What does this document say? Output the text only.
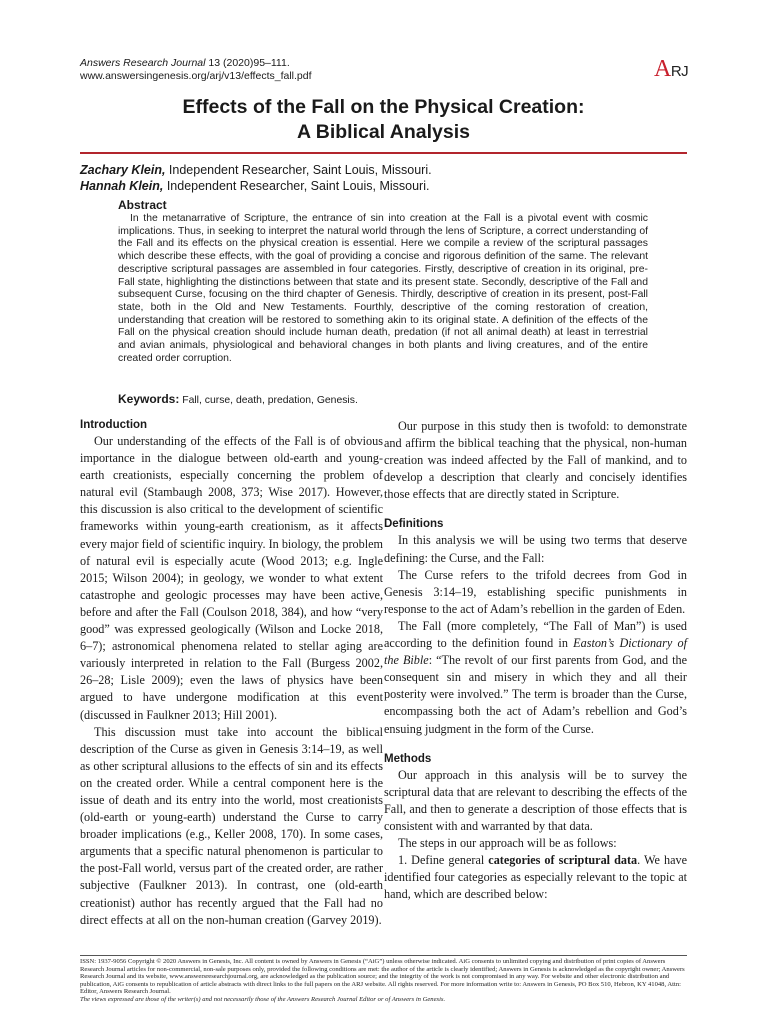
Answers Research Journal 13 (2020)95–111.
www.answersingenesis.org/arj/v13/effects_fall.pdf	ARJ
Effects of the Fall on the Physical Creation:
A Biblical Analysis
Zachary Klein, Independent Researcher, Saint Louis, Missouri.
Hannah Klein, Independent Researcher, Saint Louis, Missouri.
Abstract
In the metanarrative of Scripture, the entrance of sin into creation at the Fall is a pivotal event with cosmic implications. Thus, in seeking to interpret the natural world through the lens of Scripture, a correct understanding of the Fall and its effects on the physical creation is essential. Here we compile a review of the scriptural passages which describe these effects, with the goal of providing a concise and rigorous definition of the same. The relevant descriptive scriptural passages are assembled in four categories. Firstly, descriptive of creation in its original, pre-Fall state, highlighting the distinctions between that state and its present state. Secondly, descriptive of the Fall and subsequent Curse, focusing on the third chapter of Genesis. Thirdly, descriptive of creation in its present, post-Fall state, both in the Old and New Testaments. Fourthly, descriptive of the coming restoration of creation, understanding that creation will be restored to something akin to its original state. A definition of the effects of the Fall on the physical creation should include human death, predation (if not all animal death) at least in terrestrial and avian animals, physiological and behavioral changes in both plants and living creatures, and of the entire created order corruption.
Keywords: Fall, curse, death, predation, Genesis.
Introduction

Our understanding of the effects of the Fall is of obvious importance in the dialogue between old-earth and young-earth creationists, especially concerning the problem of natural evil (Stambaugh 2008, 373; Wise 2017). However, this discussion is also critical to the development of scientific frameworks within young-earth creationism, as it affects every major field of scientific inquiry. In biology, the problem of natural evil is especially acute (Wood 2013; e.g. Ingle 2015; Wilson 2004); in geology, we wonder to what extent catastrophe and geologic processes may have been active, before and after the Fall (Coulson 2018, 384), and how “very good” was expressed geologically (Wilson and Locke 2018, 6–7); astronomical phenomena related to stellar aging are variously interpreted in relation to the Fall (Burgess 2002, 26–28; Lisle 2009); even the laws of physics have been argued to have undergone modification at this event (discussed in Faulkner 2013; Hill 2001).

This discussion must take into account the biblical description of the Curse as given in Genesis 3:14–19, as well as other scriptural allusions to the effects of sin and its effects on the created order. While a central component here is the issue of death and its entry into the world, most creationists (old-earth or young-earth) understand the Curse to carry broader implications (e.g., Keller 2008, 170). In some cases, arguments that a specific natural phenomenon is particular to the post-Fall world, versus part of the created order, are rather subjective (Faulkner 2013). In contrast, one (old-earth creationist) author has recently argued that the Fall had no direct effects at all on the non-human creation (Garvey 2019).

Our purpose in this study then is twofold: to demonstrate and affirm the biblical teaching that the physical, non-human creation was indeed affected by the Fall of mankind, and to develop a description that clearly and concisely identifies those effects that are directly stated in Scripture.

Definitions

In this analysis we will be using two terms that deserve defining: the Curse, and the Fall:

The Curse refers to the trifold decrees from God in Genesis 3:14–19, establishing specific punishments in response to the act of Adam’s rebellion in the garden of Eden.

The Fall (more completely, “The Fall of Man”) is used according to the definition found in Easton’s Dictionary of the Bible: “The revolt of our first parents from God, and the consequent sin and misery in which they and all their posterity were involved.” The term is broader than the Curse, encompassing both the act of Adam’s rebellion and God’s ensuing judgment in the form of the Curse.

Methods

Our approach in this analysis will be to survey the scriptural data that are relevant to describing the effects of the Fall, and then to generate a description of those effects that is consistent with and warranted by that data.

The steps in our approach will be as follows:

1. Define general categories of scriptural data. We have identified four categories as especially relevant to the topic at hand, which are described below:

ISSN: 1937-9056 Copyright © 2020 Answers in Genesis, Inc. All content is owned by Answers in Genesis (“AiG”) unless otherwise indicated. AiG consents to unlimited copying and distribution of print copies of Answers Research Journal articles for non-commercial, non-sale purposes only, provided the following conditions are met: the author of the article is clearly identified; Answers in Genesis is acknowledged as the copyright owner; Answers Research Journal and its website, www.answersresearchjournal.org, are acknowledged as the publication source; and the integrity of the work is not compromised in any way. For website and other electronic distribution and publication, AiG consents to republication of article abstracts with direct links to the full papers on the ARJ website. All rights reserved. For more information write to: Answers in Genesis, PO Box 510, Hebron, KY 41048, Attn: Editor, Answers Research Journal.
The views expressed are those of the writer(s) and not necessarily those of the Answers Research Journal Editor or of Answers in Genesis.
